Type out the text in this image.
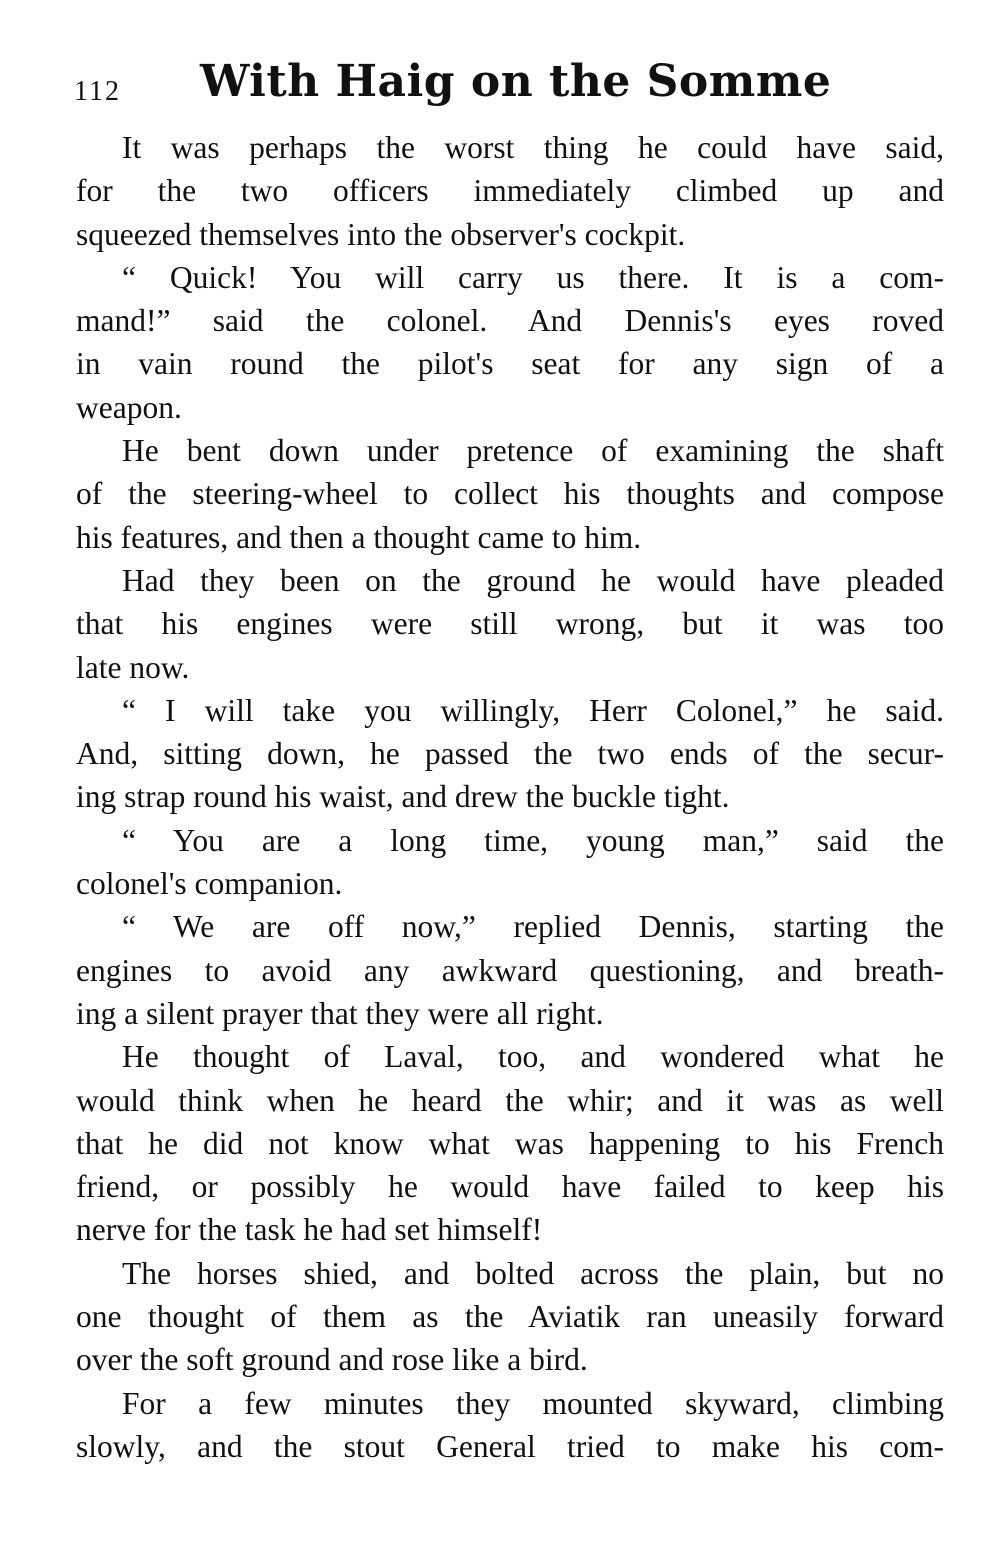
112 With Haig on the Somme
It was perhaps the worst thing he could have said,
for the two officers immediately climbed up and
squeezed themselves into the observer's cockpit.
“ Quick! You will carry us there. It is a com-
mand!” said the colonel. And Dennis's eyes roved
in vain round the pilot's seat for any sign of a
weapon.
He bent down under pretence of examining the shaft
of the steering-wheel to collect his thoughts and compose
his features, and then a thought came to him.
Had they been on the ground he would have pleaded
that his engines were still wrong, but it was too
late now.
“ I will take you willingly, Herr Colonel,” he said.
And, sitting down, he passed the two ends of the secur-
ing strap round his waist, and drew the buckle tight.
“ You are a long time, young man,” said the
colonel's companion.
“ We are off now,” replied Dennis, starting the
engines to avoid any awkward questioning, and breath-
ing a silent prayer that they were all right.
He thought of Laval, too, and wondered what he
would think when he heard the whir; and it was as well
that he did not know what was happening to his French
friend, or possibly he would have failed to keep his
nerve for the task he had set himself!
The horses shied, and bolted across the plain, but no
one thought of them as the Aviatik ran uneasily forward
over the soft ground and rose like a bird.
For a few minutes they mounted skyward, climbing
slowly, and the stout General tried to make his com-
